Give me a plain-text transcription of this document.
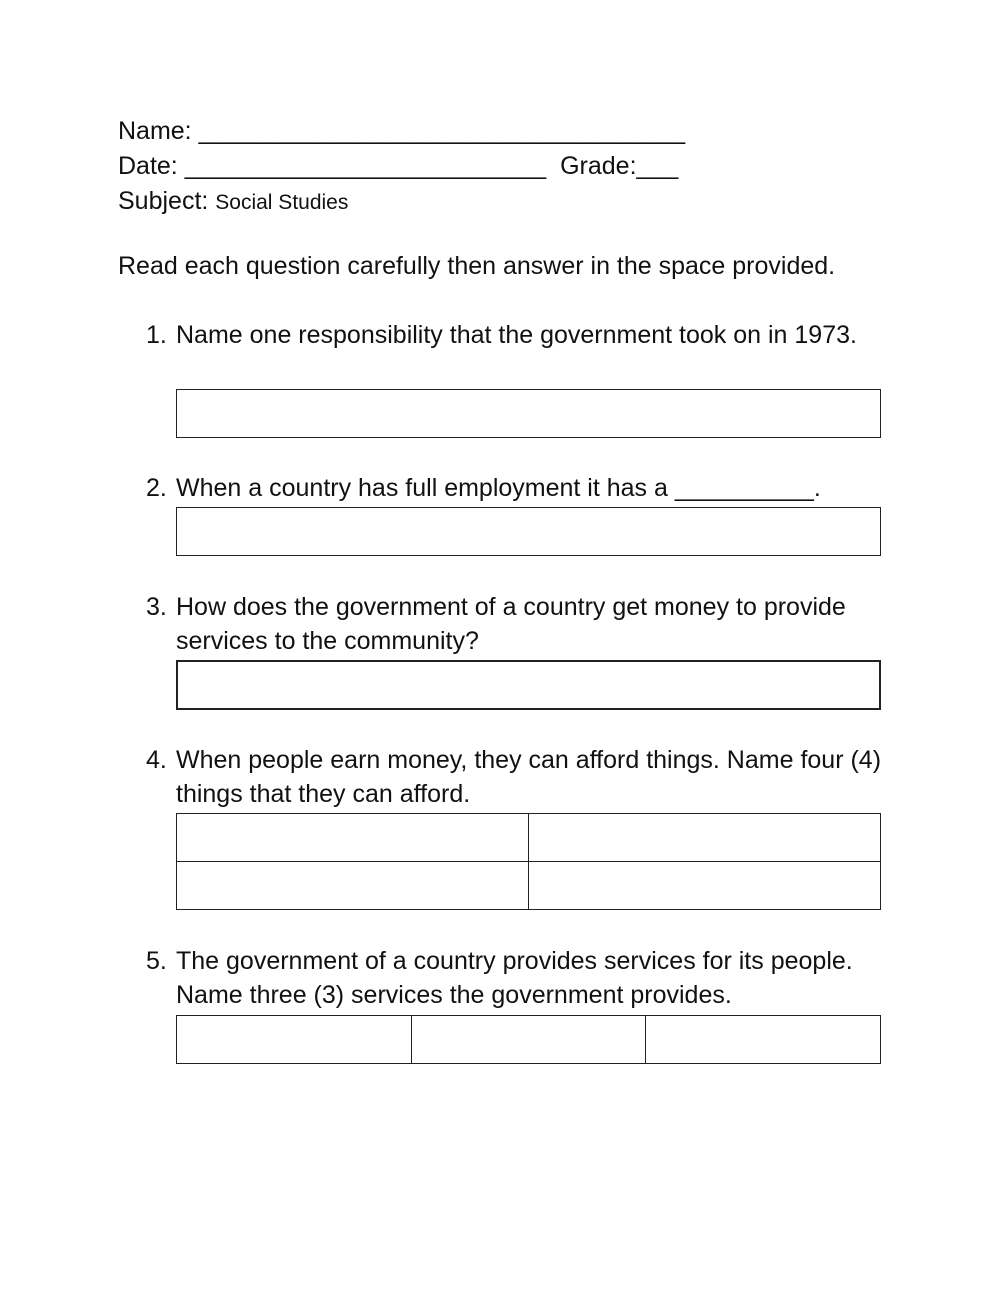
Name: ___________________________________
Date: __________________________  Grade:___
Subject: Social Studies
Read each question carefully then answer in the space provided.
1. Name one responsibility that the government took on in 1973.
2. When a country has full employment it has a __________.
3. How does the government of a country get money to provide services to the community?
4. When people earn money, they can afford things. Name four (4) things that they can afford.

5. The government of a country provides services for its people. Name three (3) services the government provides.
